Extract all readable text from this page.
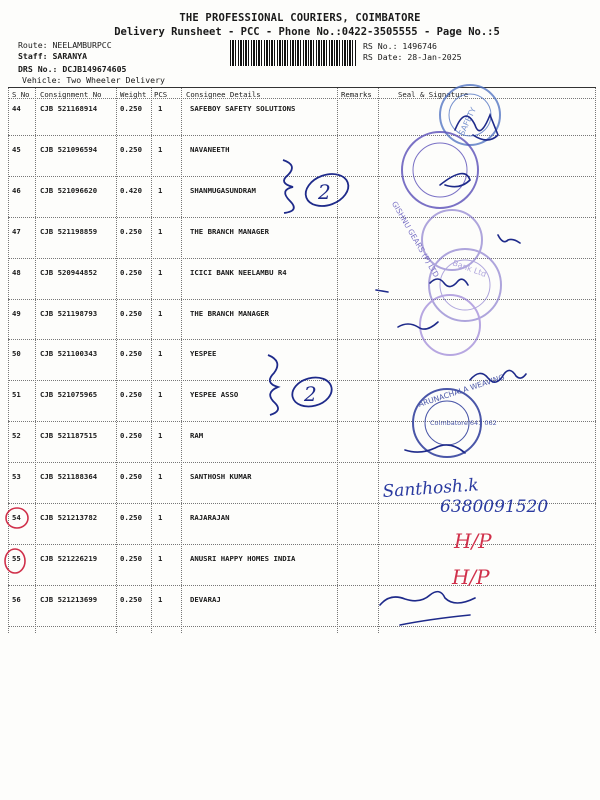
THE PROFESSIONAL COURIERS, COIMBATORE
Delivery Runsheet - PCC - Phone No.:0422-3505555 - Page No.:5
Route: NEELAMBURPCC
Staff: SARANYA
DRS No.: DCJB149674605
Vehicle: Two Wheeler Delivery
RS No.: 1496746
RS Date: 28-Jan-2025
S No Consignment No	Weight PCS	Consignee Details	Remarks	Seal & Signature
44	CJB 521168914	0.250 1	SAFEBOY SAFETY SOLUTIONS
45	CJB 521096594	0.250 1	NAVANEETH
46	CJB 521096620	0.420 1	SHANMUGASUNDRAM
47	CJB 521198859	0.250 1	THE BRANCH MANAGER
48	CJB 520944852	0.250 1	ICICI BANK NEELAMBU R4
49	CJB 521198793	0.250 1	THE BRANCH MANAGER
50	CJB 521100343	0.250 1	YESPEE
51	CJB 521075965	0.250 1	YESPEE ASSO
52	CJB 521187515	0.250 1	RAM
53	CJB 521188364	0.250 1	SANTHOSH KUMAR
54	CJB 521213782	0.250 1	RAJARAJAN
55	CJB 521226219	0.250 1	ANUSRI HAPPY HOMES INDIA
56	CJB 521213699	0.250 1	DEVARAJ
SAFETY
GISHNU GEARS (P) LTD Bank Ltd
ARUNACHALA WEAVING
Coimbatore 641 062
2
2
Santhosh.k
6380091520
H/P
H/P
